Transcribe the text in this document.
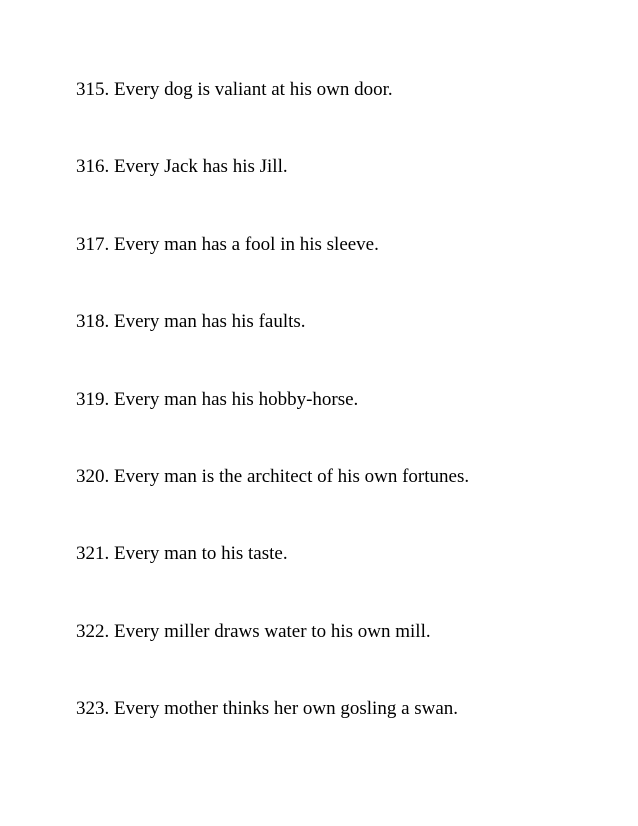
315. Every dog is valiant at his own door.
316. Every Jack has his Jill.
317. Every man has a fool in his sleeve.
318. Every man has his faults.
319. Every man has his hobby-horse.
320. Every man is the architect of his own fortunes.
321. Every man to his taste.
322. Every miller draws water to his own mill.
323. Every mother thinks her own gosling a swan.
